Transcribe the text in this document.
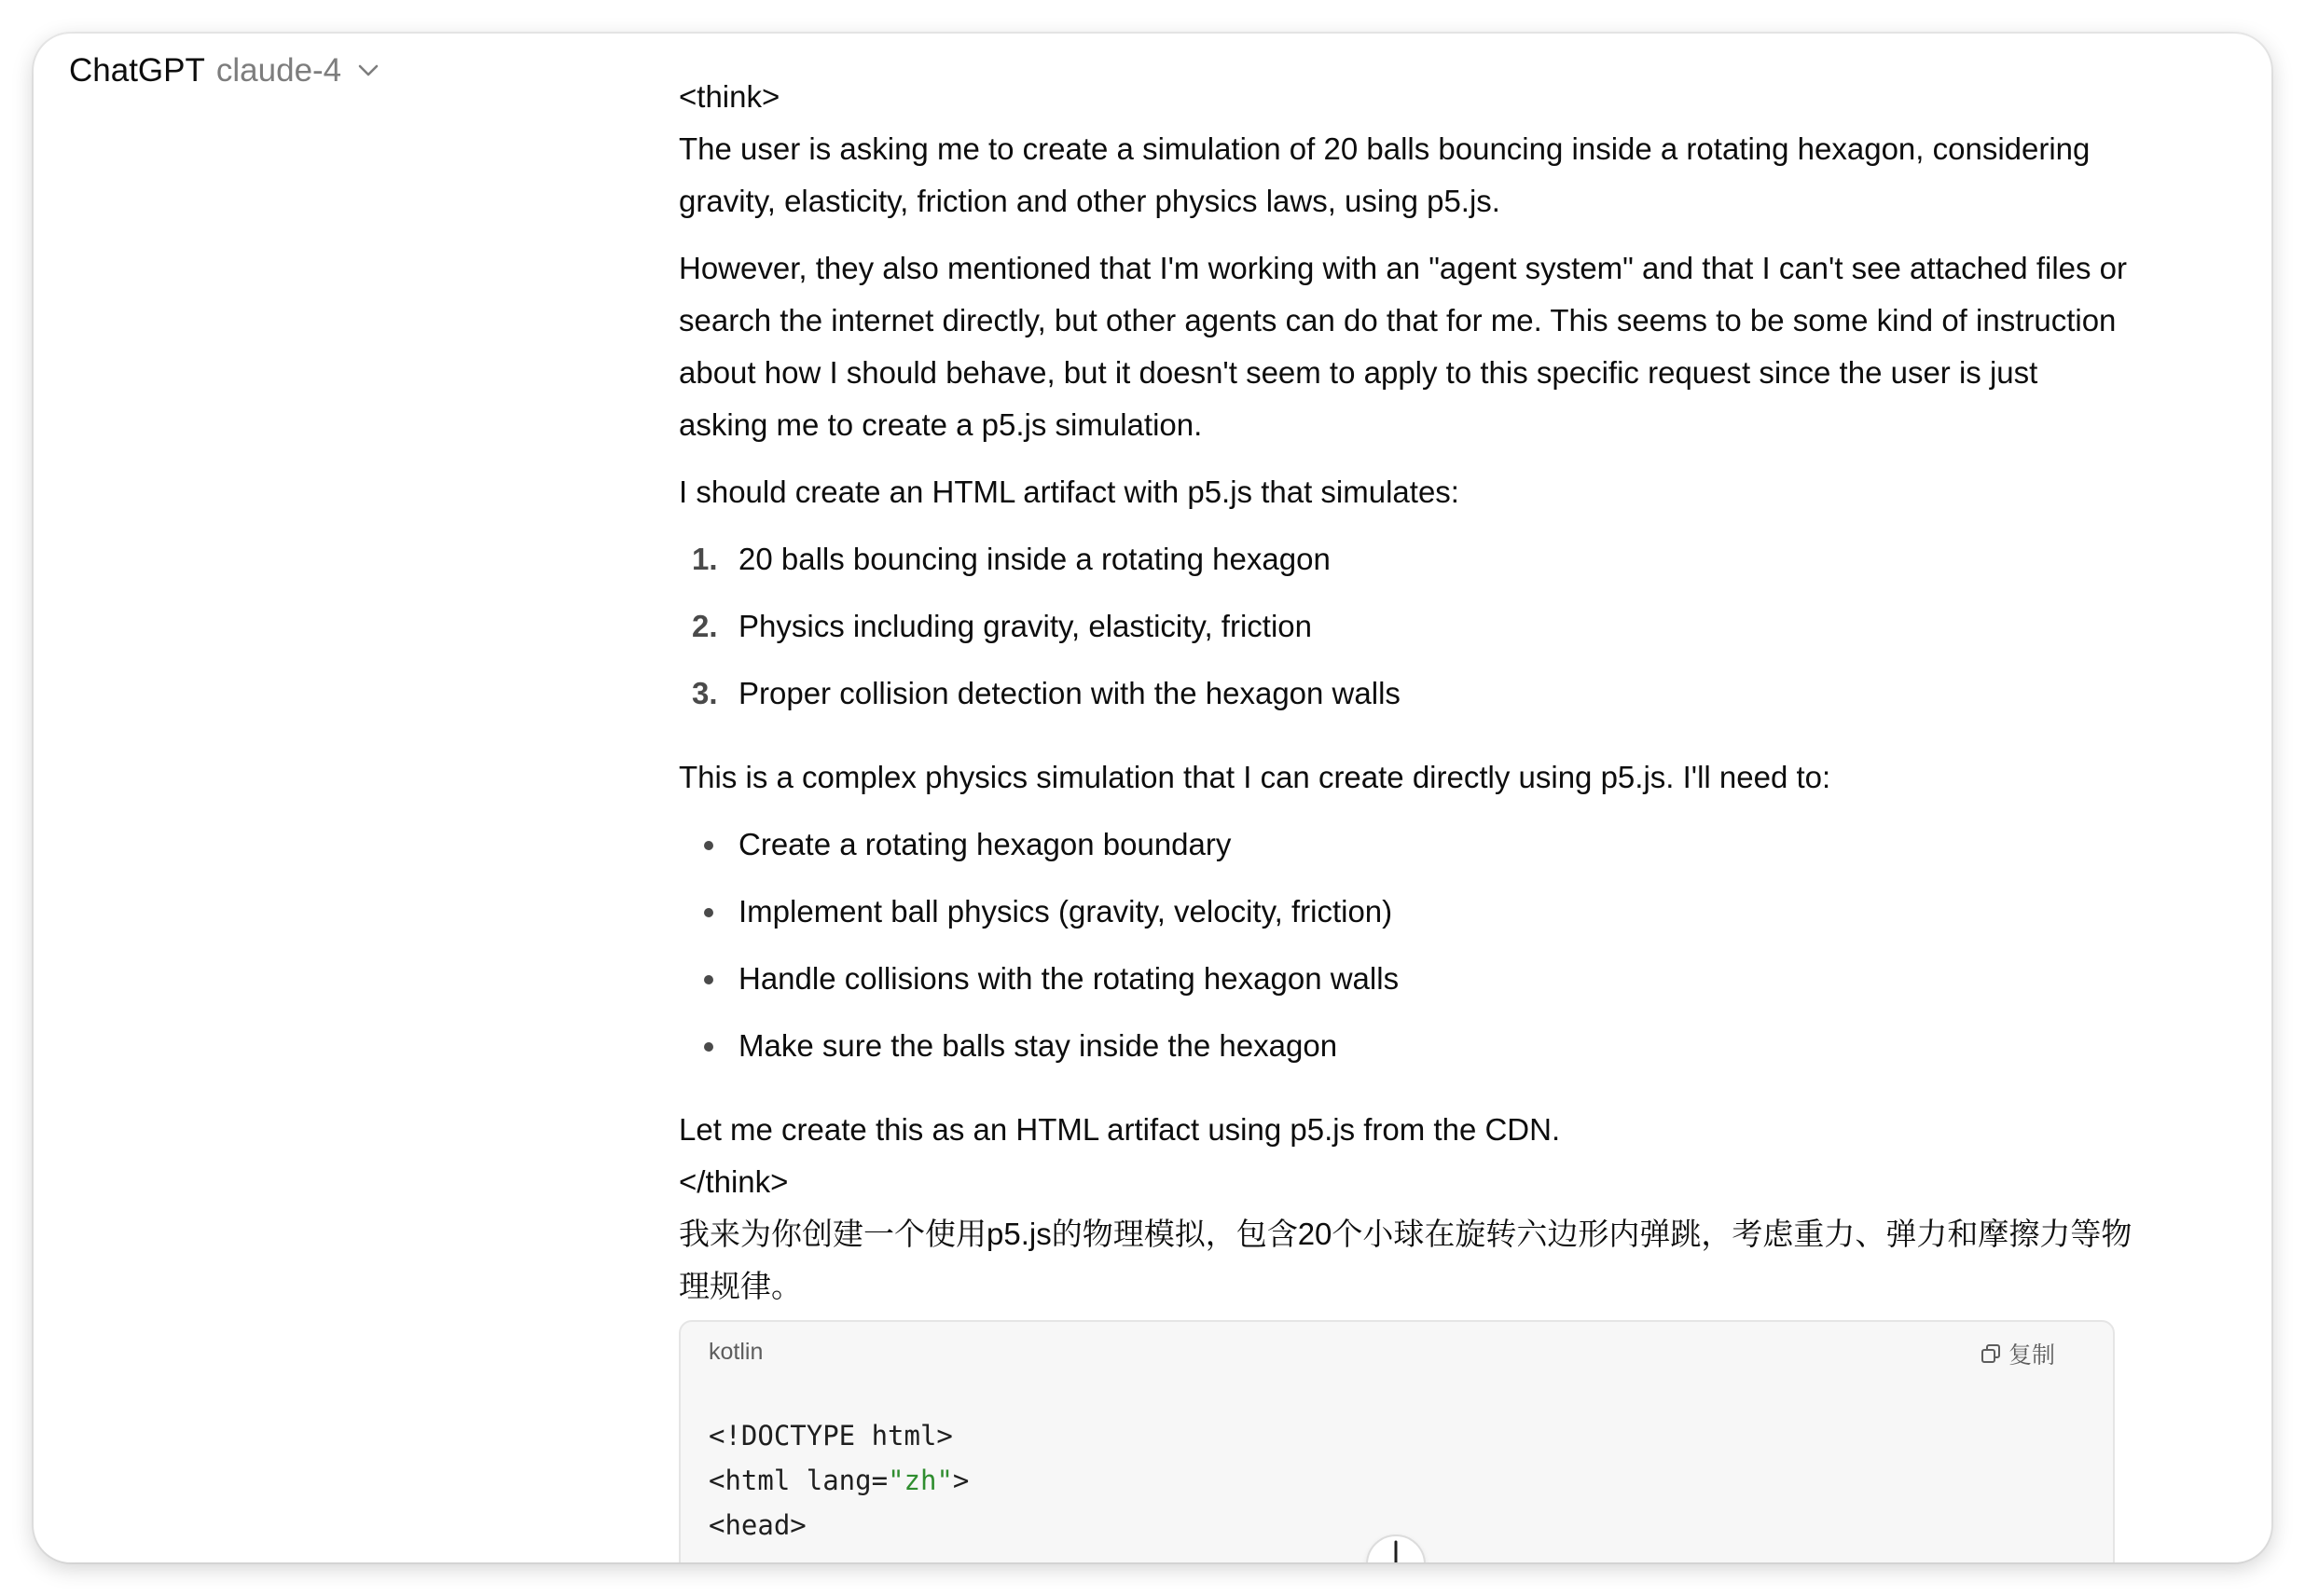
ChatGPT claude-4

<think>

The user is asking me to create a simulation of 20 balls bouncing inside a rotating hexagon, considering gravity, elasticity, friction and other physics laws, using p5.js.

However, they also mentioned that I'm working with an "agent system" and that I can't see attached files or search the internet directly, but other agents can do that for me. This seems to be some kind of instruction about how I should behave, but it doesn't seem to apply to this specific request since the user is just asking me to create a p5.js simulation.

I should create an HTML artifact with p5.js that simulates:

1. 20 balls bouncing inside a rotating hexagon
2. Physics including gravity, elasticity, friction
3. Proper collision detection with the hexagon walls

This is a complex physics simulation that I can create directly using p5.js. I'll need to:

Create a rotating hexagon boundary
Implement ball physics (gravity, velocity, friction)
Handle collisions with the rotating hexagon walls
Make sure the balls stay inside the hexagon

Let me create this as an HTML artifact using p5.js from the CDN.

</think>

我来为你创建一个使用p5.js的物理模拟，包含20个小球在旋转六边形内弹跳，考虑重力、弹力和摩擦力等物理规律。

kotlin	复制
<!DOCTYPE html>
<html lang="zh">
<head>
